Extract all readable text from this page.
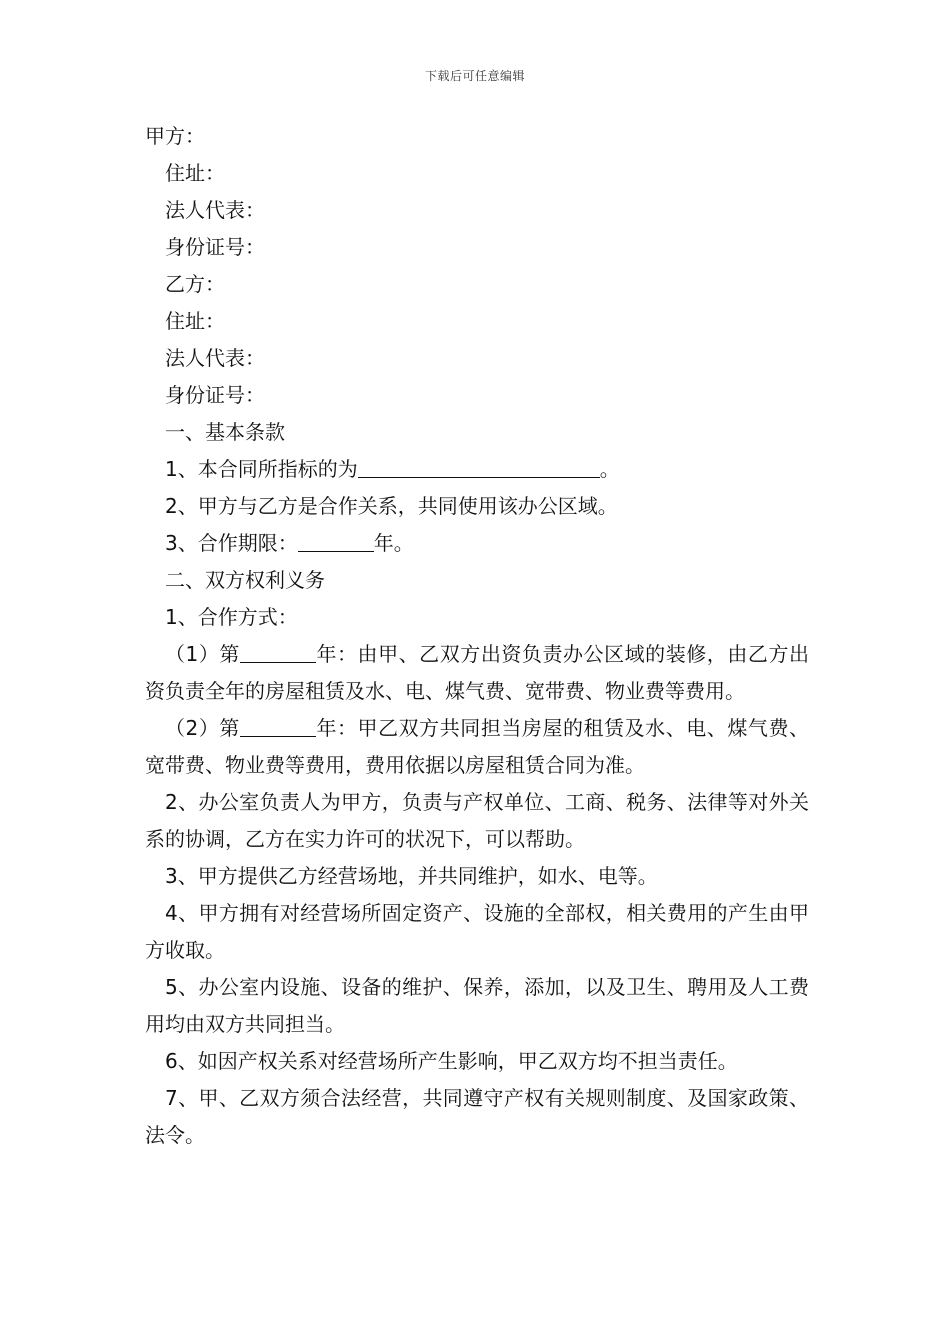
下载后可任意编辑
甲方：
住址：
法人代表：
身份证号：
乙方：
住址：
法人代表：
身份证号：
一、基本条款
1、本合同所指标的为	。
2、甲方与乙方是合作关系，共同使用该办公区域。
3、合作期限：	年。
二、双方权利义务
1、合作方式：
（1）第	年：由甲、乙双方出资负责办公区域的装修，由乙方出资负责全年的房屋租赁及水、电、煤气费、宽带费、物业费等费用。
（2）第	年：甲乙双方共同担当房屋的租赁及水、电、煤气费、宽带费、物业费等费用，费用依据以房屋租赁合同为准。
2、办公室负责人为甲方，负责与产权单位、工商、税务、法律等对外关系的协调，乙方在实力许可的状况下，可以帮助。
3、甲方提供乙方经营场地，并共同维护，如水、电等。
4、甲方拥有对经营场所固定资产、设施的全部权，相关费用的产生由甲方收取。
5、办公室内设施、设备的维护、保养，添加，以及卫生、聘用及人工费用均由双方共同担当。
6、如因产权关系对经营场所产生影响，甲乙双方均不担当责任。
7、甲、乙双方须合法经营，共同遵守产权有关规则制度、及国家政策、法令。
